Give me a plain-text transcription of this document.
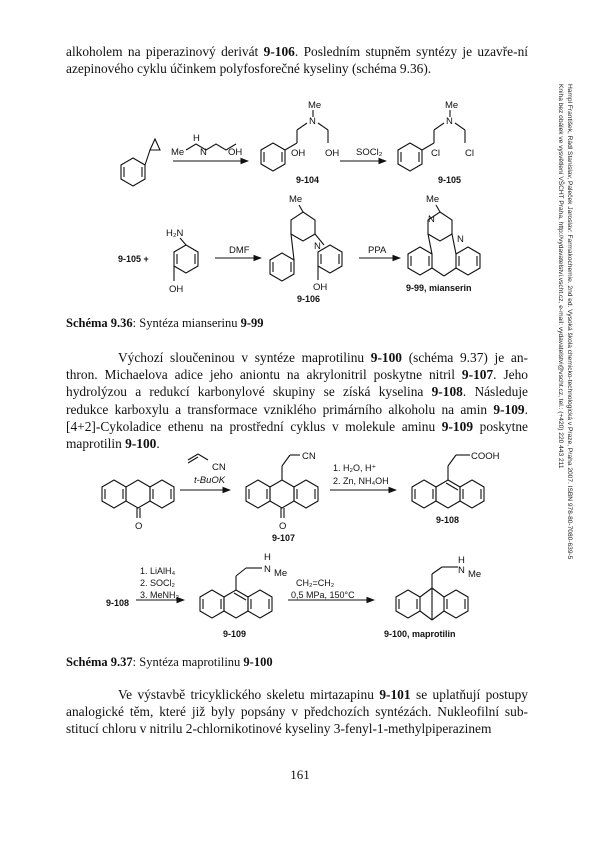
alkoholem na piperazinový derivát 9-106. Posledním stupněm syntézy je uzavře-ní azepinového cyklu účinkem polyfosforečné kyseliny (schéma 9.36).

Výchozí sloučeninou v syntéze maprotilinu 9-100 (schéma 9.37) je an-thron. Michaelova adice jeho aniontu na akrylonitril poskytne nitril 9-107. Jeho hydrolýzou a redukcí karbonylové skupiny se získá kyselina 9-108. Následuje redukce karboxylu a transformace vzniklého primárního alkoholu na amin 9-109. [4+2]-Cykoladice ethenu na prostřední cyklus v molekule aminu 9-109 poskytne maprotilin 9-100.

Ve výstavbě tricyklického skeletu mirtazapinu 9-101 se uplatňují postupy analogické těm, které již byly popsány v předchozích syntézách. Nukleofilní sub-stitucí chloru v nitrilu 2-chlornikotinové kyseliny 3-fenyl-1-methylpiperazinem

Schéma 9.36: Syntéza mianserinu 9-99
Schéma 9.37: Syntéza maprotilinu 9-100
H
N
Me	OH
Me
N
OH OH SOCl₂
Me
N
Cl	Cl
9-104	9-105
9-105 +
H₂N
OH
DMF
Me
N
OH
9-106
PPA
Me
N
N
9-99, mianserin
CN
t-BuOK
O
CN
O
9-107
1. H₂O, H⁺
2. Zn, NH₄OH
COOH
9-108
1. LiAlH₄
2. SOCl₂
3. MeNH₂
9-108
H
N Me
CH₂=CH₂
0,5 MPa, 150°C
H
N Me
9-109	9-100, maprotilin
Hampl František, Rádl Stanislav, Paleček Jaroslav: Farmakochemie. 2nd ed. Vysoká škola chemicko-technologická v Praze, Praha 2007. ISBN 978-80-7080-639-5
Kniha bez obálek ve vysvětlení VŠCHT Praha, http://vydavatelstvi.vscht.cz, e-mail: vydavatelstvi@vscht.cz, tel.: (+420) 220 443 211
161
